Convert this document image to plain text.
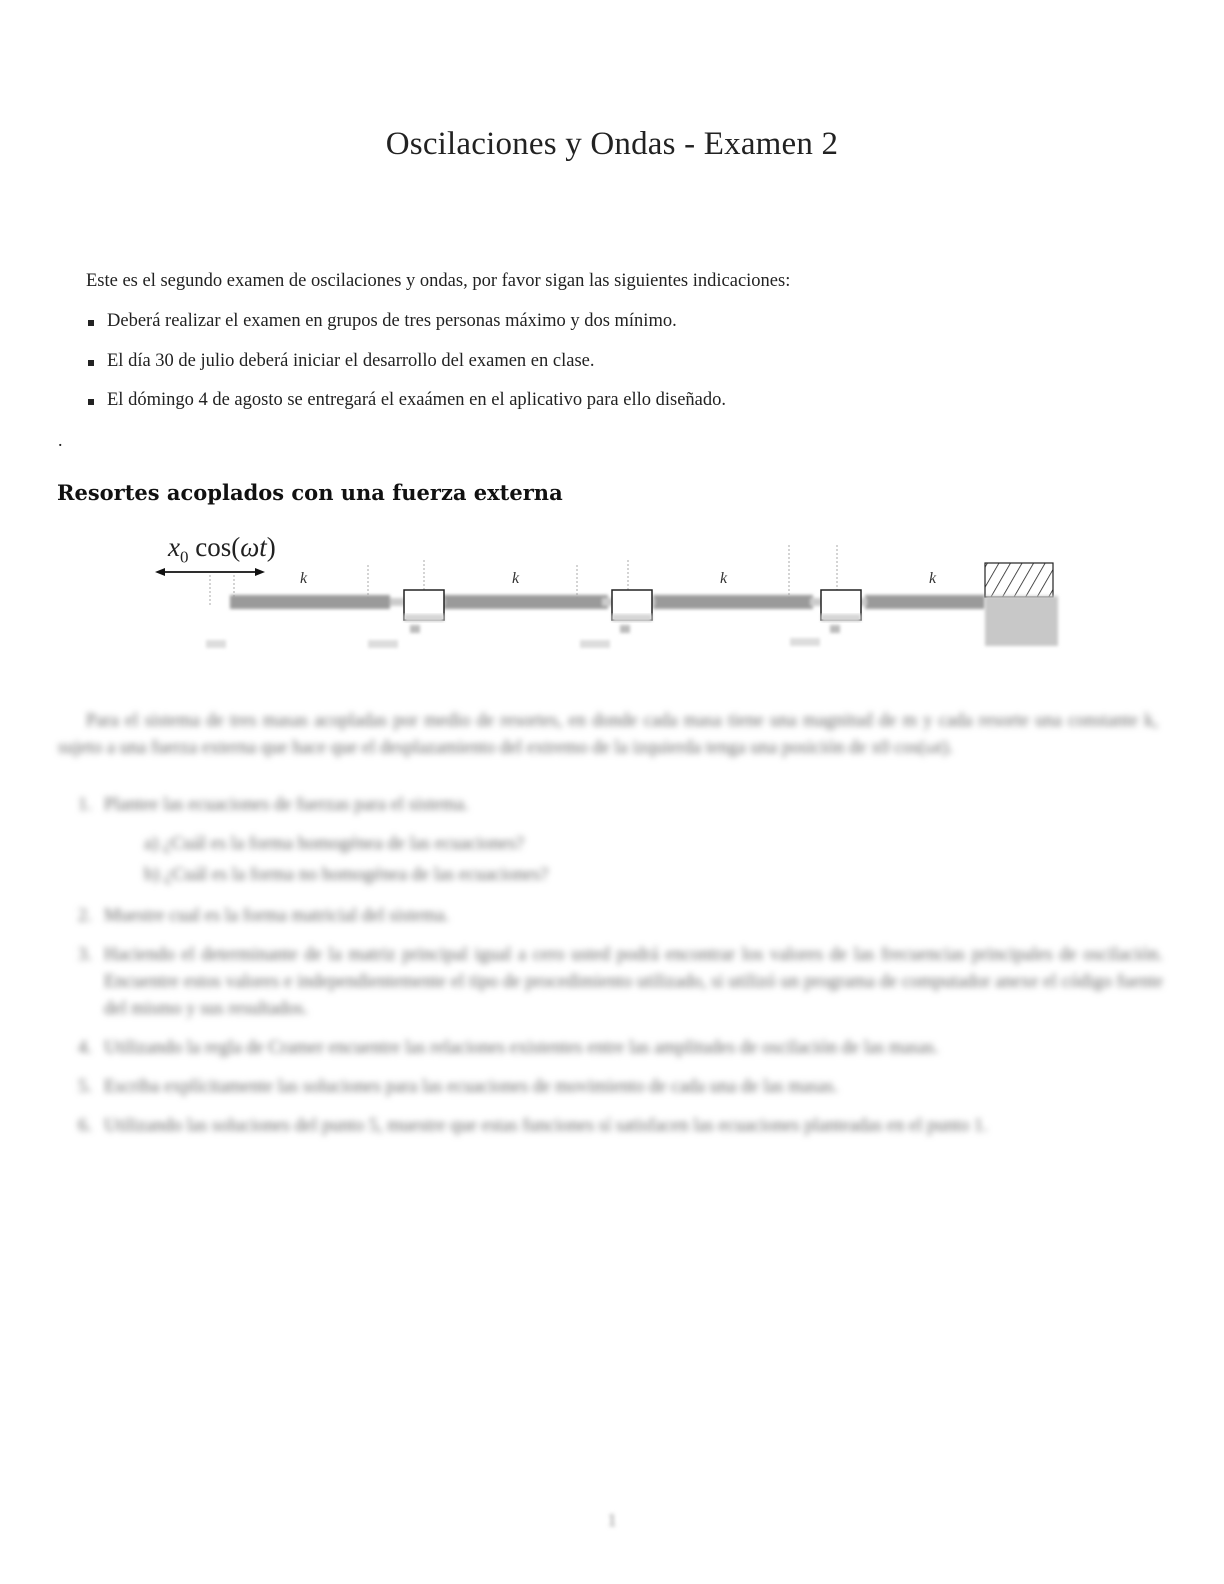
Oscilaciones y Ondas - Examen 2

Este es el segundo examen de oscilaciones y ondas, por favor sigan las siguientes indicaciones:

Deberá realizar el examen en grupos de tres personas máximo y dos mínimo.
El día 30 de julio deberá iniciar el desarrollo del examen en clase.
El dómingo 4 de agosto se entregará el exaámen en el aplicativo para ello diseñado.
.
Resortes acoplados con una fuerza externa
$x_0$ cos(ωt)
k	k	k	k

Para el sistema de tres masas acopladas por medio de resortes, en donde cada masa tiene una magnitud de m y cada resorte una constante k, sujeto a una fuerza externa que hace que el desplazamiento del extremo de la izquierda tenga una posición de x0 cos(ωt).

1. Plantee las ecuaciones de fuerzas para el sistema.
a) ¿Cuál es la forma homogénea de las ecuaciones?
b) ¿Cuál es la forma no homogénea de las ecuaciones?
2. Muestre cual es la forma matricial del sistema.
3. Haciendo el determinante de la matriz principal igual a cero usted podrá encontrar los valores de las frecuencias principales de oscilación. Encuentre estos valores e independientemente el tipo de procedimiento utilizado, si utilizó un programa de computador anexe el código fuente del mismo y sus resultados.
4. Utilizando la regla de Cramer encuentre las relaciones existentes entre las amplitudes de oscilación de las masas.
5. Escriba explícitamente las soluciones para las ecuaciones de movimiento de cada una de las masas.
6. Utilizando las soluciones del punto 5, muestre que estas funciones sí satisfacen las ecuaciones planteadas en el punto 1.
1
